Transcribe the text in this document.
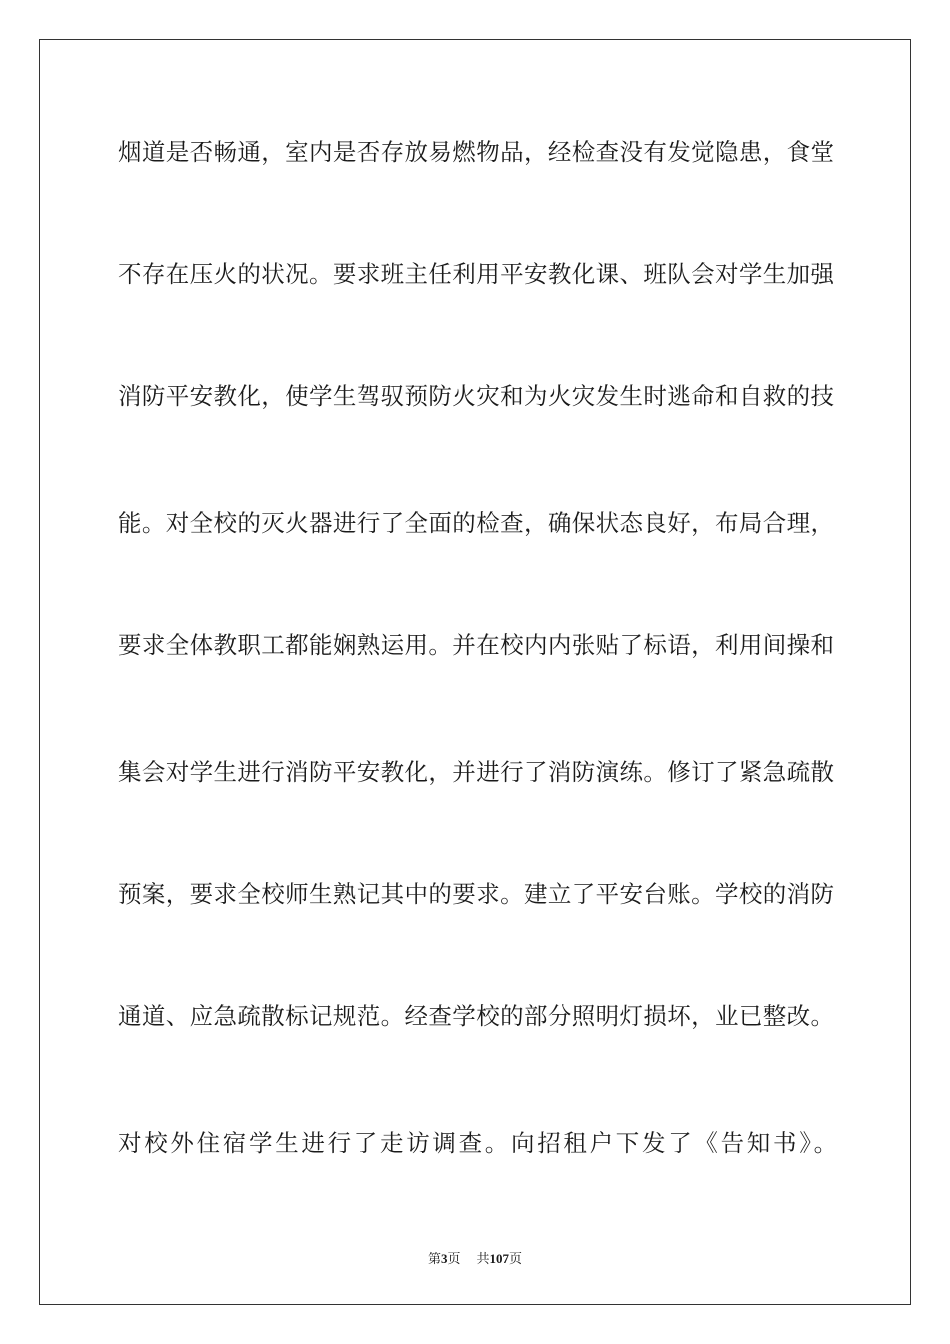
烟道是否畅通，室内是否存放易燃物品，经检查没有发觉隐患，食堂
不存在压火的状况。要求班主任利用平安教化课、班队会对学生加强
消防平安教化，使学生驾驭预防火灾和为火灾发生时逃命和自救的技
能。对全校的灭火器进行了全面的检查，确保状态良好，布局合理，
要求全体教职工都能娴熟运用。并在校内内张贴了标语，利用间操和
集会对学生进行消防平安教化，并进行了消防演练。修订了紧急疏散
预案，要求全校师生熟记其中的要求。建立了平安台账。学校的消防
通道、应急疏散标记规范。经查学校的部分照明灯损坏，业已整改。
对校外住宿学生进行了走访调查。向招租户下发了《告知书》。
第3页 共107页
